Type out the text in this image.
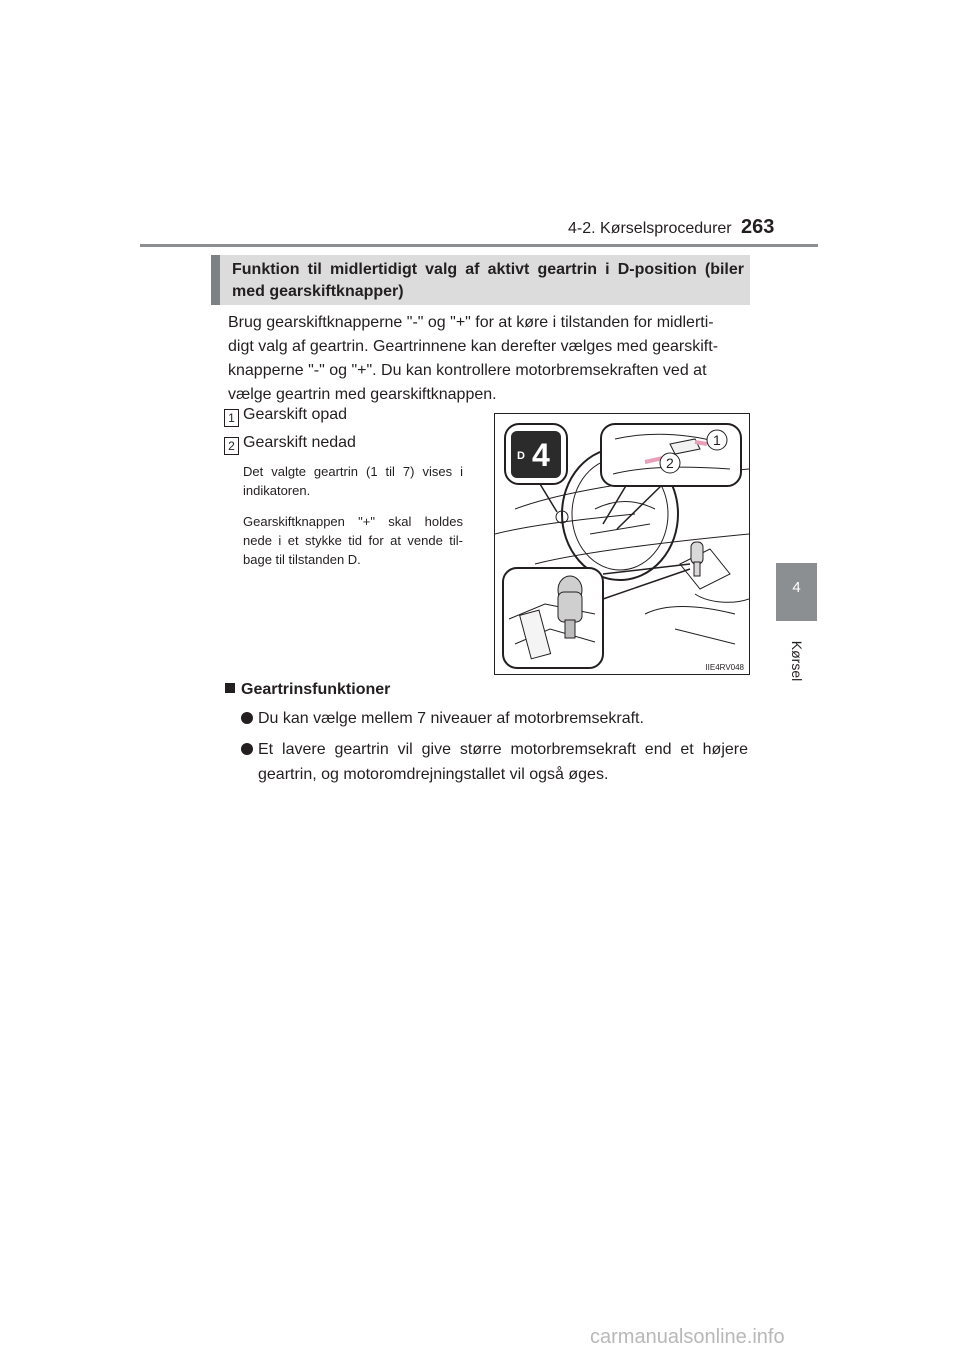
4-2. Kørselsprocedurer 263
4
Kørsel
Funktion til midlertidigt valg af aktivt geartrin i D-position (biler med gearskiftknapper)
Brug gearskiftknapperne "-" og "+" for at køre i tilstanden for midlerti-
digt valg af geartrin. Geartrinnene kan derefter vælges med gearskift-
knapperne "-" og "+". Du kan kontrollere motorbremsekraften ved at
vælge geartrin med gearskiftknappen.
1 Gearskift opad
2 Gearskift nedad
Det valgte geartrin (1 til 7) vises i indikatoren.
Gearskiftknappen "+" skal holdes nede i et stykke tid for at vende til-bage til tilstanden D.
D 4	1
2
IIE4RV048
Geartrinsfunktioner
Du kan vælge mellem 7 niveauer af motorbremsekraft.
Et lavere geartrin vil give større motorbremsekraft end et højere geartrin, og motoromdrejningstallet vil også øges.
carmanualsonline.info
